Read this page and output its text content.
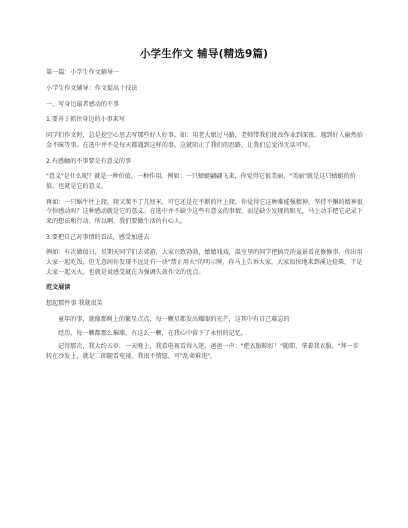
小学生作文 辅导(精选9篇)
第一篇：小学生作文辅导一
小学生作文辅导：作文提高十技法
一、写身边最者感动的不事
1.要善于抓住身边的小事来写
同学们作文时，总是挖空心思去写那些好人好事，如：用老大娘过马路，老师带我们批改作业到深夜。遇到好人偷然拾金不昧等事。在选中并不是每天都遇到这样的事，这就阻止了我们的思路，让我们总觉得无话可写。
2.有感触的不事要是有意义的事
"意义"是什么呢？就是一种价值，一种作用。例如：一只蜻蜓翩翩飞来，你觉得它很美丽，"美丽"就是这只蜻蜓的价值，也就是它的意义。
再如：一只蜗牛往上爬，爬又爬不了几厘米，可它还是在不断的往上爬，你觉得它这种难能强精神。坚持不懈的精神很令你感动吗？这种感动就是它的意义。在选中并不缺少这些有意义的事情，而是缺少发现的眼光，马上动手把它记录下来的想法和行动。所以啊，我们要做生活的有心人。
3.要把自己对事情的看法，感受加进去
例如：有次做值日，星期天同学们去郊游，大家兴致勃勃，嬉嬉戏戏，温室里的同学把搞完的盆景看花修修事，你出用大家一起吃饭，但无意间你发现不远处有一块"禁止用火"的明示牌，你马上告诉大家，大家很快地来到溪边捡柴，干是大家一起灭火。也就是说感受就在为强调失效作文的优点。
范文展读
想起那件事 我就很笑
童年的事，就像那树上的繁星点点，每一颗星都发出耀眼的光芒，这其中有自己难忘的
经历，每一颗都那么璀璨。有这么一颗，在我心中留下了永恒的记忆。
记得那次，我大约五岁，一天晚上，我看电视看得入迷，爸爸一声："把衣服晾好！"随即，拿着我衣服，"拜一步转在沙发上，就是二郎腿看电视。我很不情愿，可"乱命难违"，
